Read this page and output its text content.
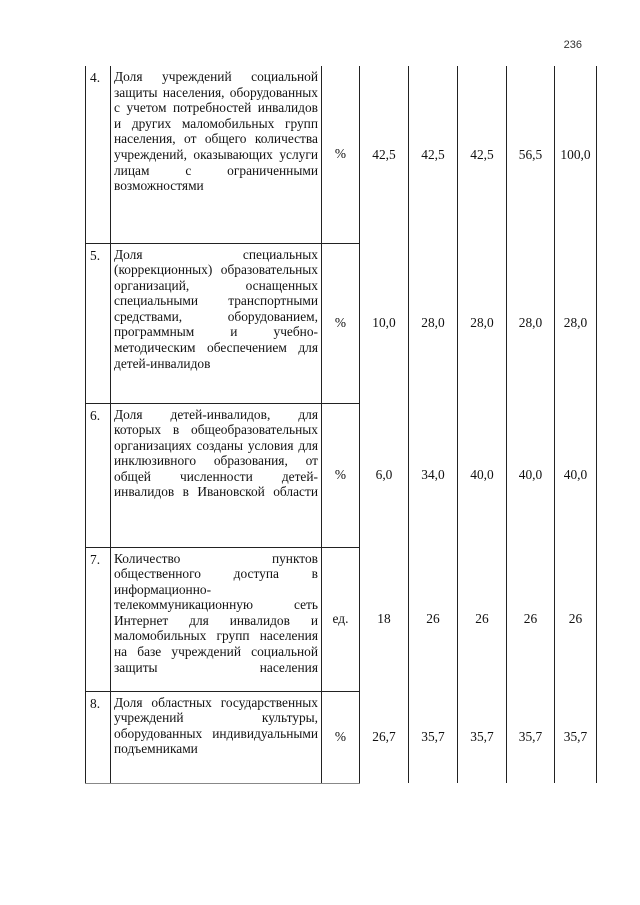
236
4.	Доля учреждений социальной защиты населения, оборудованных с учетом потребностей инвалидов и других маломобильных групп населения, от общего количества учреждений, оказывающих услуги лицам с ограниченными возможностями	%	42,5	42,5	42,5	56,5	100,0
5.	Доля специальных (коррекционных) образовательных организаций, оснащенных специальными транспортными средствами, оборудованием, программным и учебно-методическим обеспечением для детей-инвалидов	%	10,0	28,0	28,0	28,0	28,0
6.	Доля детей-инвалидов, для которых в общеобразовательных организациях созданы условия для инклюзивного образования, от общей численности детей-инвалидов в Ивановской области	%	6,0	34,0	40,0	40,0	40,0
7.	Количество пунктов общественного доступа в информационно-телекоммуникационную сеть Интернет для инвалидов и маломобильных групп населения на базе учреждений социальной защиты населения	ед.	18	26	26	26	26
8.	Доля областных государственных учреждений культуры, оборудованных индивидуальными подъемниками	%	26,7	35,7	35,7	35,7	35,7
